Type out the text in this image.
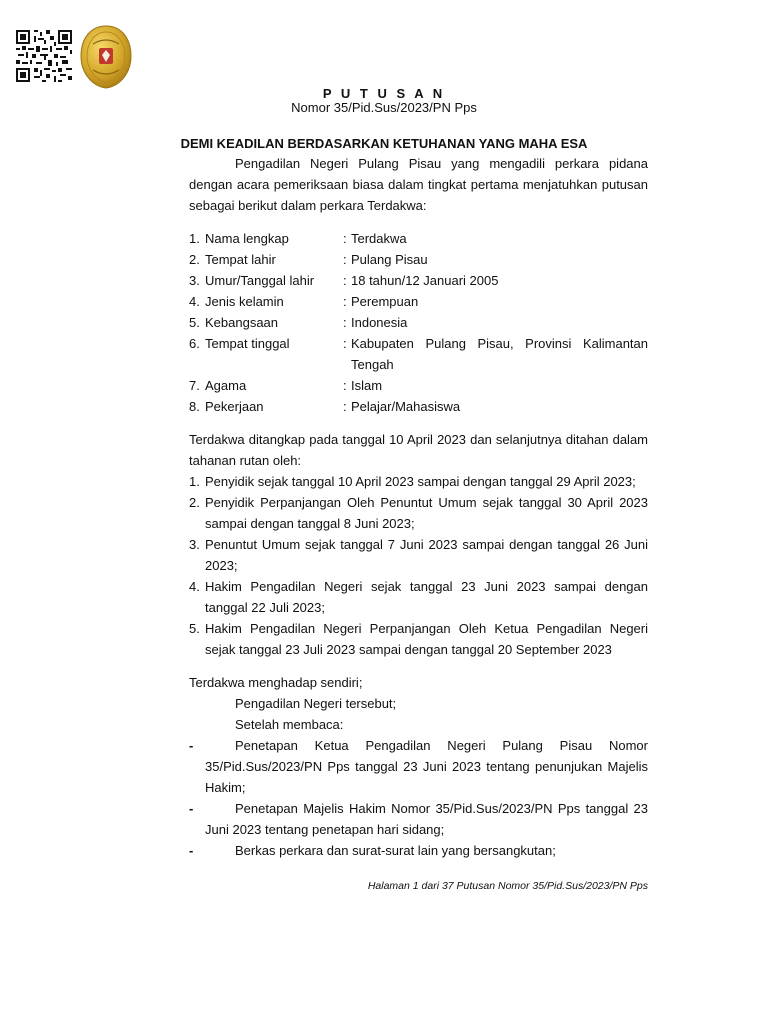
P U T U S A N
Nomor 35/Pid.Sus/2023/PN Pps
DEMI KEADILAN BERDASARKAN KETUHANAN YANG MAHA ESA

Pengadilan Negeri Pulang Pisau yang mengadili perkara pidana dengan acara pemeriksaan biasa dalam tingkat pertama menjatuhkan putusan sebagai berikut dalam perkara Terdakwa:

1. Nama lengkap	: Terdakwa
2. Tempat lahir	: Pulang Pisau
3. Umur/Tanggal lahir	: 18 tahun/12 Januari 2005
4. Jenis kelamin	: Perempuan
5. Kebangsaan	: Indonesia
6. Tempat tinggal	: Kabupaten Pulang Pisau, Provinsi Kalimantan Tengah
7. Agama	: Islam
8. Pekerjaan	: Pelajar/Mahasiswa

Terdakwa ditangkap pada tanggal 10 April 2023 dan selanjutnya ditahan dalam tahanan rutan oleh:

1. Penyidik sejak tanggal 10 April 2023 sampai dengan tanggal 29 April 2023;
2. Penyidik Perpanjangan Oleh Penuntut Umum sejak tanggal 30 April 2023 sampai dengan tanggal 8 Juni 2023;
3. Penuntut Umum sejak tanggal 7 Juni 2023 sampai dengan tanggal 26 Juni 2023;
4. Hakim Pengadilan Negeri sejak tanggal 23 Juni 2023 sampai dengan tanggal 22 Juli 2023;
5. Hakim Pengadilan Negeri Perpanjangan Oleh Ketua Pengadilan Negeri sejak tanggal 23 Juli 2023 sampai dengan tanggal 20 September 2023

Terdakwa menghadap sendiri;

Pengadilan Negeri tersebut;
Setelah membaca:
-	Penetapan Ketua Pengadilan Negeri Pulang Pisau Nomor 35/Pid.Sus/2023/PN Pps tanggal 23 Juni 2023 tentang penunjukan Majelis Hakim;
-	Penetapan Majelis Hakim Nomor 35/Pid.Sus/2023/PN Pps tanggal 23 Juni 2023 tentang penetapan hari sidang;
-	Berkas perkara dan surat-surat lain yang bersangkutan;
Halaman 1 dari 37 Putusan Nomor 35/Pid.Sus/2023/PN Pps
